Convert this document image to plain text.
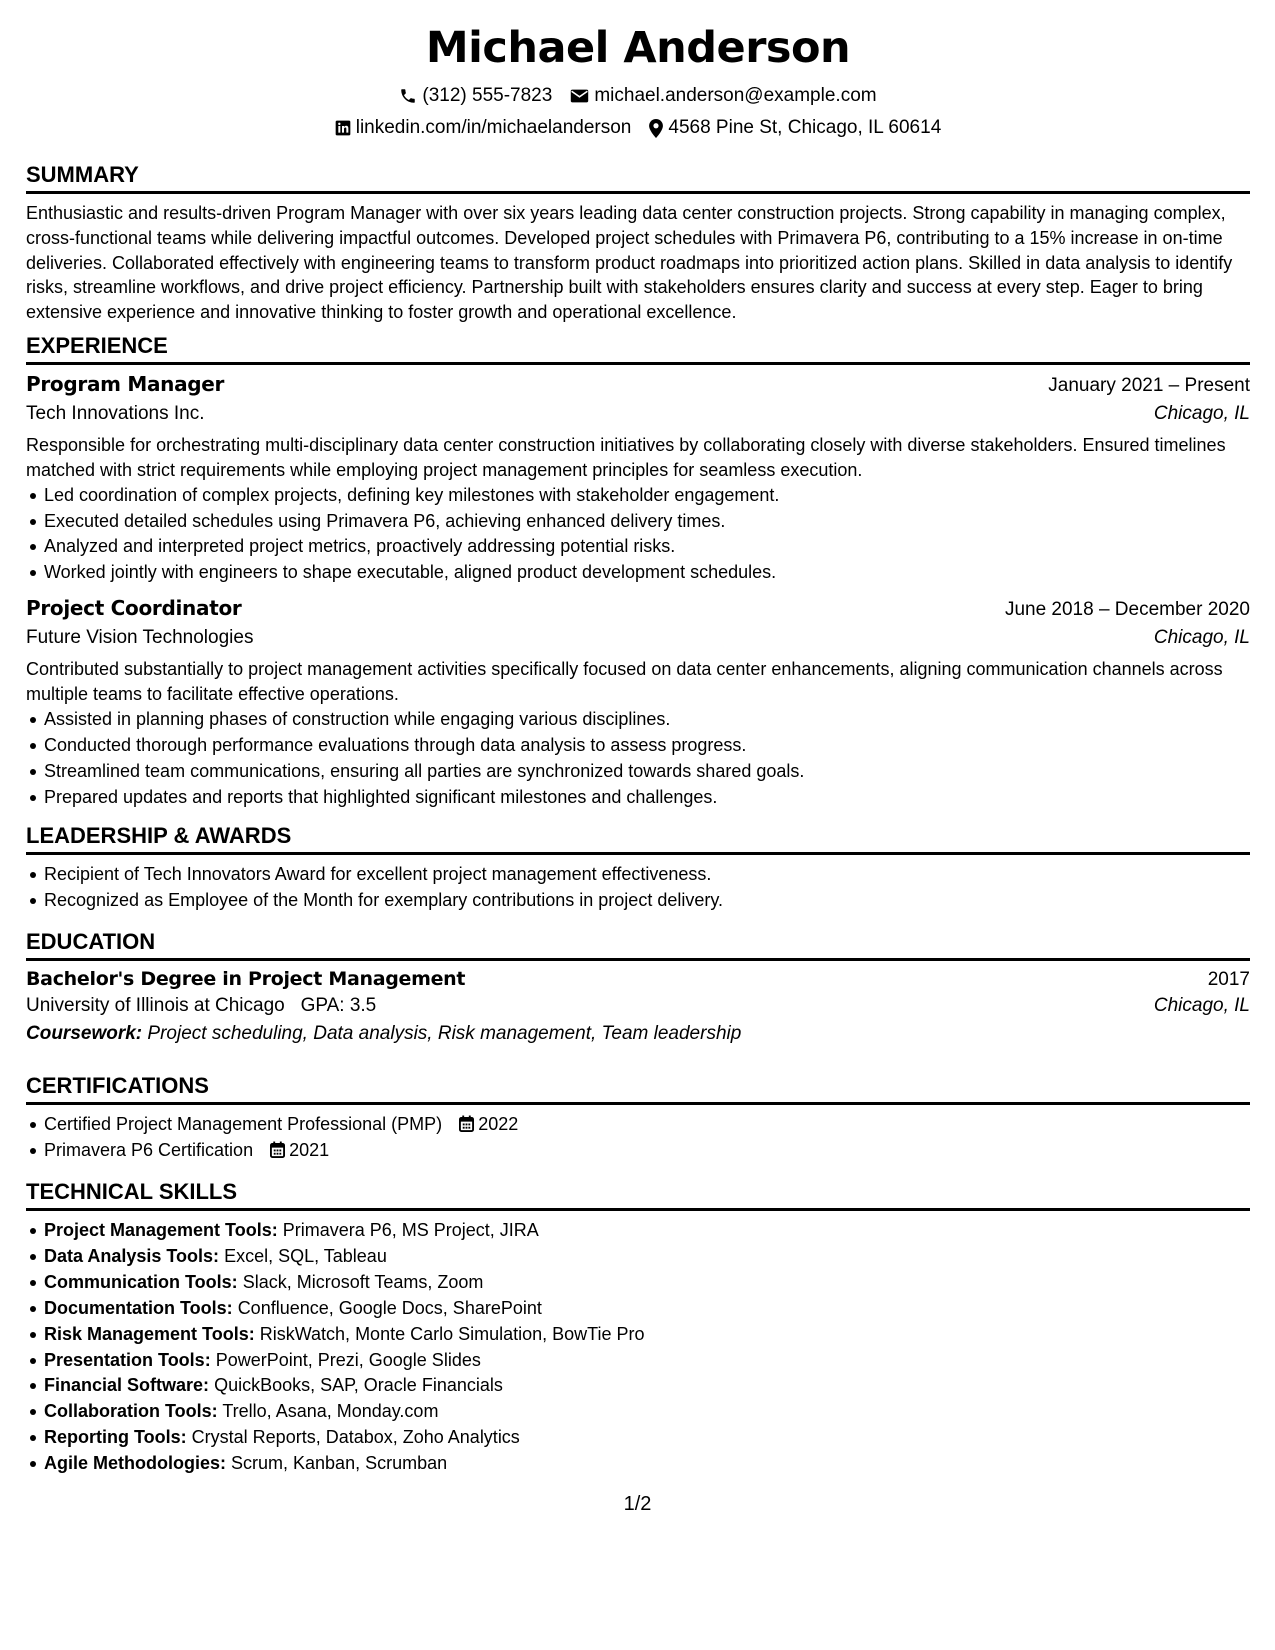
Michael Anderson
(312) 555-7823 michael.anderson@example.com
linkedin.com/in/michaelanderson 4568 Pine St, Chicago, IL 60614
SUMMARY

Enthusiastic and results-driven Program Manager with over six years leading data center construction projects. Strong capability in managing complex, cross-functional teams while delivering impactful outcomes. Developed project schedules with Primavera P6, contributing to a 15% increase in on-time deliveries. Collaborated effectively with engineering teams to transform product roadmaps into prioritized action plans. Skilled in data analysis to identify risks, streamline workflows, and drive project efficiency. Partnership built with stakeholders ensures clarity and success at every step. Eager to bring extensive experience and innovative thinking to foster growth and operational excellence.

EXPERIENCE
Program Manager	January 2021 – Present
Tech Innovations Inc.	Chicago, IL

Responsible for orchestrating multi-disciplinary data center construction initiatives by collaborating closely with diverse stakeholders. Ensured timelines matched with strict requirements while employing project management principles for seamless execution.

Led coordination of complex projects, defining key milestones with stakeholder engagement.
Executed detailed schedules using Primavera P6, achieving enhanced delivery times.
Analyzed and interpreted project metrics, proactively addressing potential risks.
Worked jointly with engineers to shape executable, aligned product development schedules.
Project Coordinator	June 2018 – December 2020
Future Vision Technologies	Chicago, IL

Contributed substantially to project management activities specifically focused on data center enhancements, aligning communication channels across multiple teams to facilitate effective operations.

Assisted in planning phases of construction while engaging various disciplines.
Conducted thorough performance evaluations through data analysis to assess progress.
Streamlined team communications, ensuring all parties are synchronized towards shared goals.
Prepared updates and reports that highlighted significant milestones and challenges.
LEADERSHIP & AWARDS
Recipient of Tech Innovators Award for excellent project management effectiveness.
Recognized as Employee of the Month for exemplary contributions in project delivery.
EDUCATION
Bachelor's Degree in Project Management	2017
University of Illinois at Chicago GPA: 3.5	Chicago, IL
Coursework: Project scheduling, Data analysis, Risk management, Team leadership
CERTIFICATIONS
Certified Project Management Professional (PMP) 2022
Primavera P6 Certification 2021
TECHNICAL SKILLS
Project Management Tools: Primavera P6, MS Project, JIRA
Data Analysis Tools: Excel, SQL, Tableau
Communication Tools: Slack, Microsoft Teams, Zoom
Documentation Tools: Confluence, Google Docs, SharePoint
Risk Management Tools: RiskWatch, Monte Carlo Simulation, BowTie Pro
Presentation Tools: PowerPoint, Prezi, Google Slides
Financial Software: QuickBooks, SAP, Oracle Financials
Collaboration Tools: Trello, Asana, Monday.com
Reporting Tools: Crystal Reports, Databox, Zoho Analytics
Agile Methodologies: Scrum, Kanban, Scrumban
1/2
